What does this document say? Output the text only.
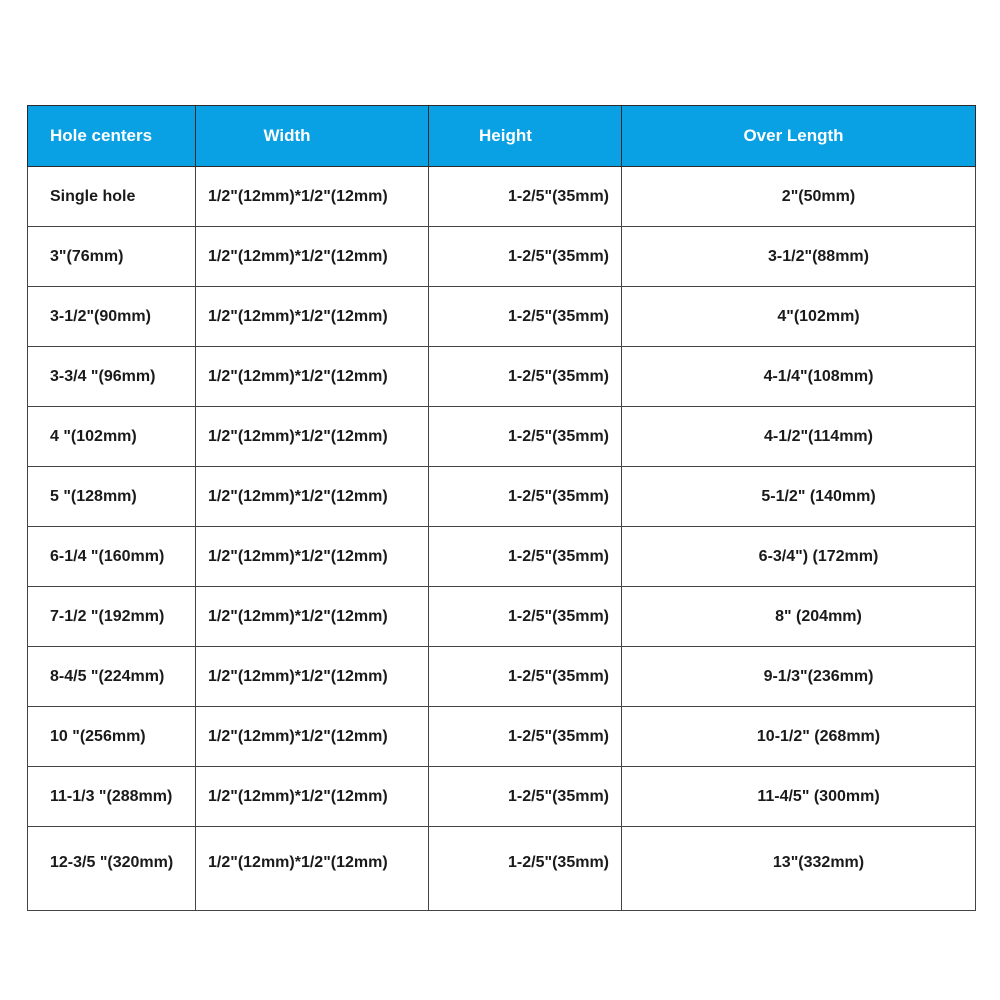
Hole centers	Width	Height	Over Length
Single hole	1/2"(12mm)*1/2"(12mm)	1-2/5"(35mm)	2"(50mm)
3"(76mm)	1/2"(12mm)*1/2"(12mm)	1-2/5"(35mm)	3-1/2"(88mm)
3-1/2"(90mm)	1/2"(12mm)*1/2"(12mm)	1-2/5"(35mm)	4"(102mm)
3-3/4 "(96mm)	1/2"(12mm)*1/2"(12mm)	1-2/5"(35mm)	4-1/4"(108mm)
4 "(102mm)	1/2"(12mm)*1/2"(12mm)	1-2/5"(35mm)	4-1/2"(114mm)
5 "(128mm)	1/2"(12mm)*1/2"(12mm)	1-2/5"(35mm)	5-1/2" (140mm)
6-1/4 "(160mm)	1/2"(12mm)*1/2"(12mm)	1-2/5"(35mm)	6-3/4") (172mm)
7-1/2 "(192mm)	1/2"(12mm)*1/2"(12mm)	1-2/5"(35mm)	8" (204mm)
8-4/5 "(224mm)	1/2"(12mm)*1/2"(12mm)	1-2/5"(35mm)	9-1/3"(236mm)
10 "(256mm)	1/2"(12mm)*1/2"(12mm)	1-2/5"(35mm)	10-1/2" (268mm)
11-1/3 "(288mm)	1/2"(12mm)*1/2"(12mm)	1-2/5"(35mm)	11-4/5" (300mm)
12-3/5 "(320mm)	1/2"(12mm)*1/2"(12mm)	1-2/5"(35mm)	13"(332mm)
